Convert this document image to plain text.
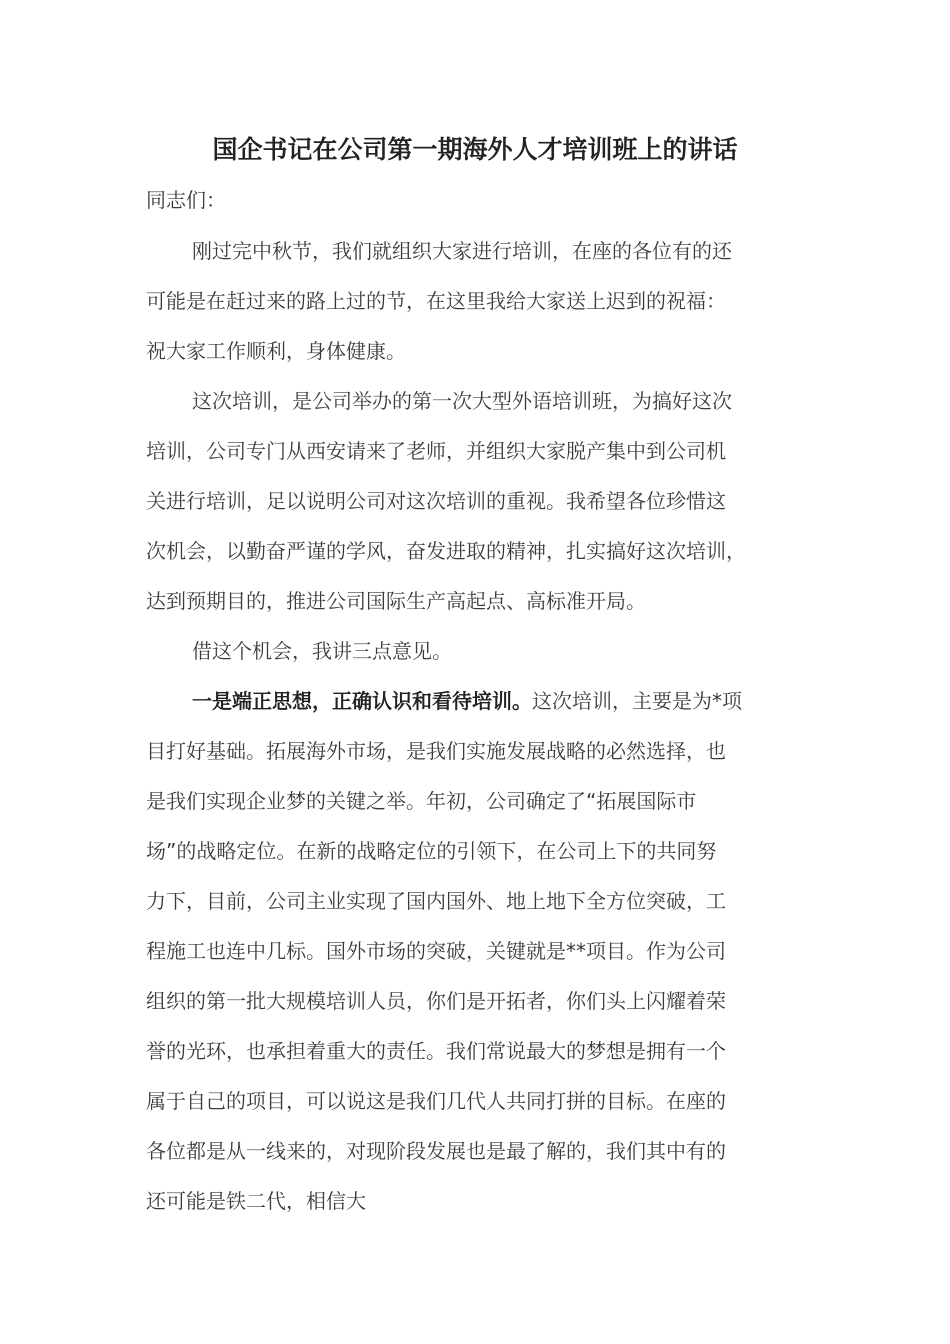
国企书记在公司第一期海外人才培训班上的讲话
同志们：
刚过完中秋节，我们就组织大家进行培训，在座的各位有的还
可能是在赶过来的路上过的节，在这里我给大家送上迟到的祝福：
祝大家工作顺利，身体健康。
这次培训，是公司举办的第一次大型外语培训班，为搞好这次
培训，公司专门从西安请来了老师，并组织大家脱产集中到公司机
关进行培训，足以说明公司对这次培训的重视。我希望各位珍惜这
次机会，以勤奋严谨的学风，奋发进取的精神，扎实搞好这次培训，
达到预期目的，推进公司国际生产高起点、高标准开局。
借这个机会，我讲三点意见。
一是端正思想，正确认识和看待培训。这次培训，主要是为*项
目打好基础。拓展海外市场，是我们实施发展战略的必然选择，也
是我们实现企业梦的关键之举。年初，公司确定了“拓展国际市
场”的战略定位。在新的战略定位的引领下，在公司上下的共同努
力下，目前，公司主业实现了国内国外、地上地下全方位突破，工
程施工也连中几标。国外市场的突破，关键就是**项目。作为公司
组织的第一批大规模培训人员，你们是开拓者，你们头上闪耀着荣
誉的光环，也承担着重大的责任。我们常说最大的梦想是拥有一个
属于自己的项目，可以说这是我们几代人共同打拼的目标。在座的
各位都是从一线来的，对现阶段发展也是最了解的，我们其中有的
还可能是铁二代，相信大
